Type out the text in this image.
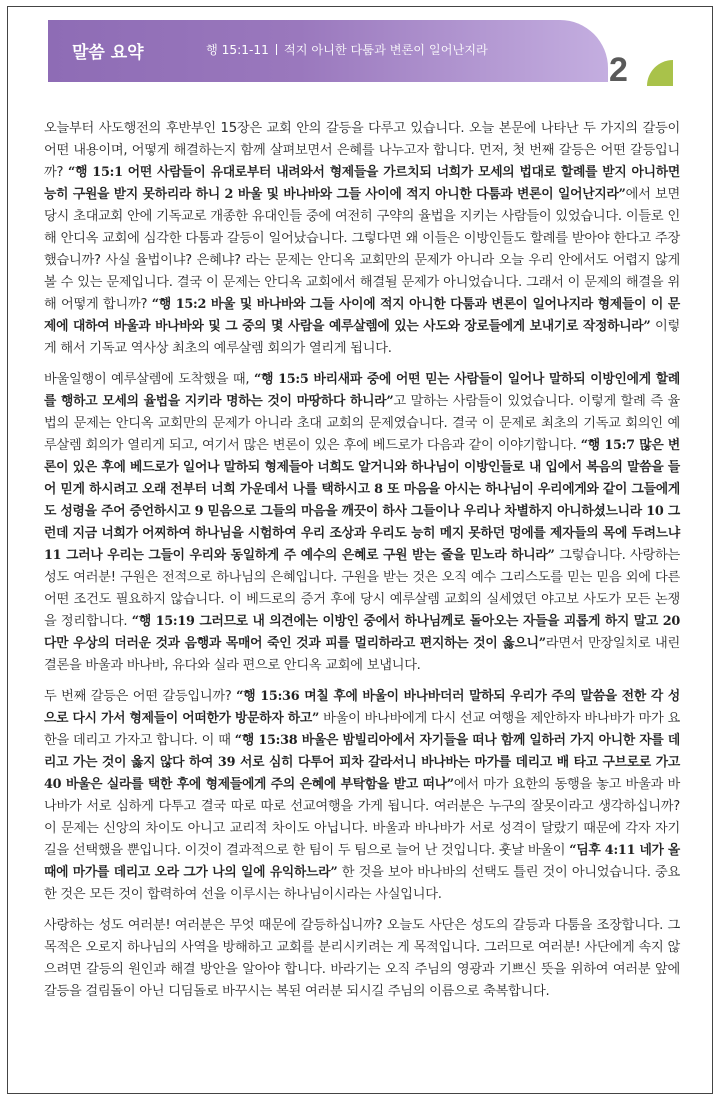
말씀 요약	행 15:1-11 적지 아니한 다툼과 변론이 일어난지라
2

오늘부터 사도행전의 후반부인 15장은 교회 안의 갈등을 다루고 있습니다. 오늘 본문에 나타난 두 가지의 갈등이 어떤 내용이며, 어떻게 해결하는지 함께 살펴보면서 은혜를 나누고자 합니다. 먼저, 첫 번째 갈등은 어떤 갈등입니까? “행 15:1 어떤 사람들이 유대로부터 내려와서 형제들을 가르치되 너희가 모세의 법대로 할례를 받지 아니하면 능히 구원을 받지 못하리라 하니 2 바울 및 바나바와 그들 사이에 적지 아니한 다툼과 변론이 일어난지라”에서 보면 당시 초대교회 안에 기독교로 개종한 유대인들 중에 여전히 구약의 율법을 지키는 사람들이 있었습니다. 이들로 인해 안디옥 교회에 심각한 다툼과 갈등이 일어났습니다. 그렇다면 왜 이들은 이방인들도 할례를 받아야 한다고 주장했습니까? 사실 율법이냐? 은혜냐? 라는 문제는 안디옥 교회만의 문제가 아니라 오늘 우리 안에서도 어렵지 않게 볼 수 있는 문제입니다. 결국 이 문제는 안디옥 교회에서 해결될 문제가 아니었습니다. 그래서 이 문제의 해결을 위해 어떻게 합니까? “행 15:2 바울 및 바나바와 그들 사이에 적지 아니한 다툼과 변론이 일어나지라 형제들이 이 문제에 대하여 바울과 바나바와 및 그 중의 몇 사람을 예루살렘에 있는 사도와 장로들에게 보내기로 작정하니라” 이렇게 해서 기독교 역사상 최초의 예루살렘 회의가 열리게 됩니다.

바울일행이 예루살렘에 도착했을 때, “행 15:5 바리새파 중에 어떤 믿는 사람들이 일어나 말하되 이방인에게 할례를 행하고 모세의 율법을 지키라 명하는 것이 마땅하다 하니라”고 말하는 사람들이 있었습니다. 이렇게 할례 즉 율법의 문제는 안디옥 교회만의 문제가 아니라 초대 교회의 문제였습니다. 결국 이 문제로 최초의 기독교 회의인 예루살렘 회의가 열리게 되고, 여기서 많은 변론이 있은 후에 베드로가 다음과 같이 이야기합니다. “행 15:7 많은 변론이 있은 후에 베드로가 일어나 말하되 형제들아 너희도 알거니와 하나님이 이방인들로 내 입에서 복음의 말씀을 들어 믿게 하시려고 오래 전부터 너희 가운데서 나를 택하시고 8 또 마음을 아시는 하나님이 우리에게와 같이 그들에게도 성령을 주어 증언하시고 9 믿음으로 그들의 마음을 깨끗이 하사 그들이나 우리나 차별하지 아니하셨느니라 10 그런데 지금 너희가 어찌하여 하나님을 시험하여 우리 조상과 우리도 능히 메지 못하던 멍에를 제자들의 목에 두려느냐 11 그러나 우리는 그들이 우리와 동일하게 주 예수의 은혜로 구원 받는 줄을 믿노라 하니라” 그렇습니다. 사랑하는 성도 여러분! 구원은 전적으로 하나님의 은혜입니다. 구원을 받는 것은 오직 예수 그리스도를 믿는 믿음 외에 다른 어떤 조건도 필요하지 않습니다. 이 베드로의 증거 후에 당시 예루살렘 교회의 실세였던 야고보 사도가 모든 논쟁을 정리합니다. “행 15:19 그러므로 내 의견에는 이방인 중에서 하나님께로 돌아오는 자들을 괴롭게 하지 말고 20 다만 우상의 더러운 것과 음행과 목매어 죽인 것과 피를 멀리하라고 편지하는 것이 옳으니”라면서 만장일치로 내린 결론을 바울과 바나바, 유다와 실라 편으로 안디옥 교회에 보냅니다.

두 번째 갈등은 어떤 갈등입니까? “행 15:36 며칠 후에 바울이 바나바더러 말하되 우리가 주의 말씀을 전한 각 성으로 다시 가서 형제들이 어떠한가 방문하자 하고” 바울이 바나바에게 다시 선교 여행을 제안하자 바나바가 마가 요한을 데리고 가자고 합니다. 이 때 “행 15:38 바울은 밤빌리아에서 자기들을 떠나 함께 일하러 가지 아니한 자를 데리고 가는 것이 옳지 않다 하여 39 서로 심히 다투어 피차 갈라서니 바나바는 마가를 데리고 배 타고 구브로로 가고 40 바울은 실라를 택한 후에 형제들에게 주의 은혜에 부탁함을 받고 떠나”에서 마가 요한의 동행을 놓고 바울과 바나바가 서로 심하게 다투고 결국 따로 따로 선교여행을 가게 됩니다. 여러분은 누구의 잘못이라고 생각하십니까? 이 문제는 신앙의 차이도 아니고 교리적 차이도 아닙니다. 바울과 바나바가 서로 성격이 달랐기 때문에 각자 자기 길을 선택했을 뿐입니다. 이것이 결과적으로 한 팀이 두 팀으로 늘어 난 것입니다. 훗날 바울이 “딤후 4:11 네가 올 때에 마가를 데리고 오라 그가 나의 일에 유익하느라” 한 것을 보아 바나바의 선택도 틀린 것이 아니었습니다. 중요한 것은 모든 것이 합력하여 선을 이루시는 하나님이시라는 사실입니다.

사랑하는 성도 여러분! 여러분은 무엇 때문에 갈등하십니까? 오늘도 사단은 성도의 갈등과 다툼을 조장합니다. 그 목적은 오로지 하나님의 사역을 방해하고 교회를 분리시키려는 게 목적입니다. 그러므로 여러분! 사단에게 속지 않으려면 갈등의 원인과 해결 방안을 알아야 합니다. 바라기는 오직 주님의 영광과 기쁘신 뜻을 위하여 여러분 앞에 갈등을 걸림돌이 아닌 디딤돌로 바꾸시는 복된 여러분 되시길 주님의 이름으로 축복합니다.
